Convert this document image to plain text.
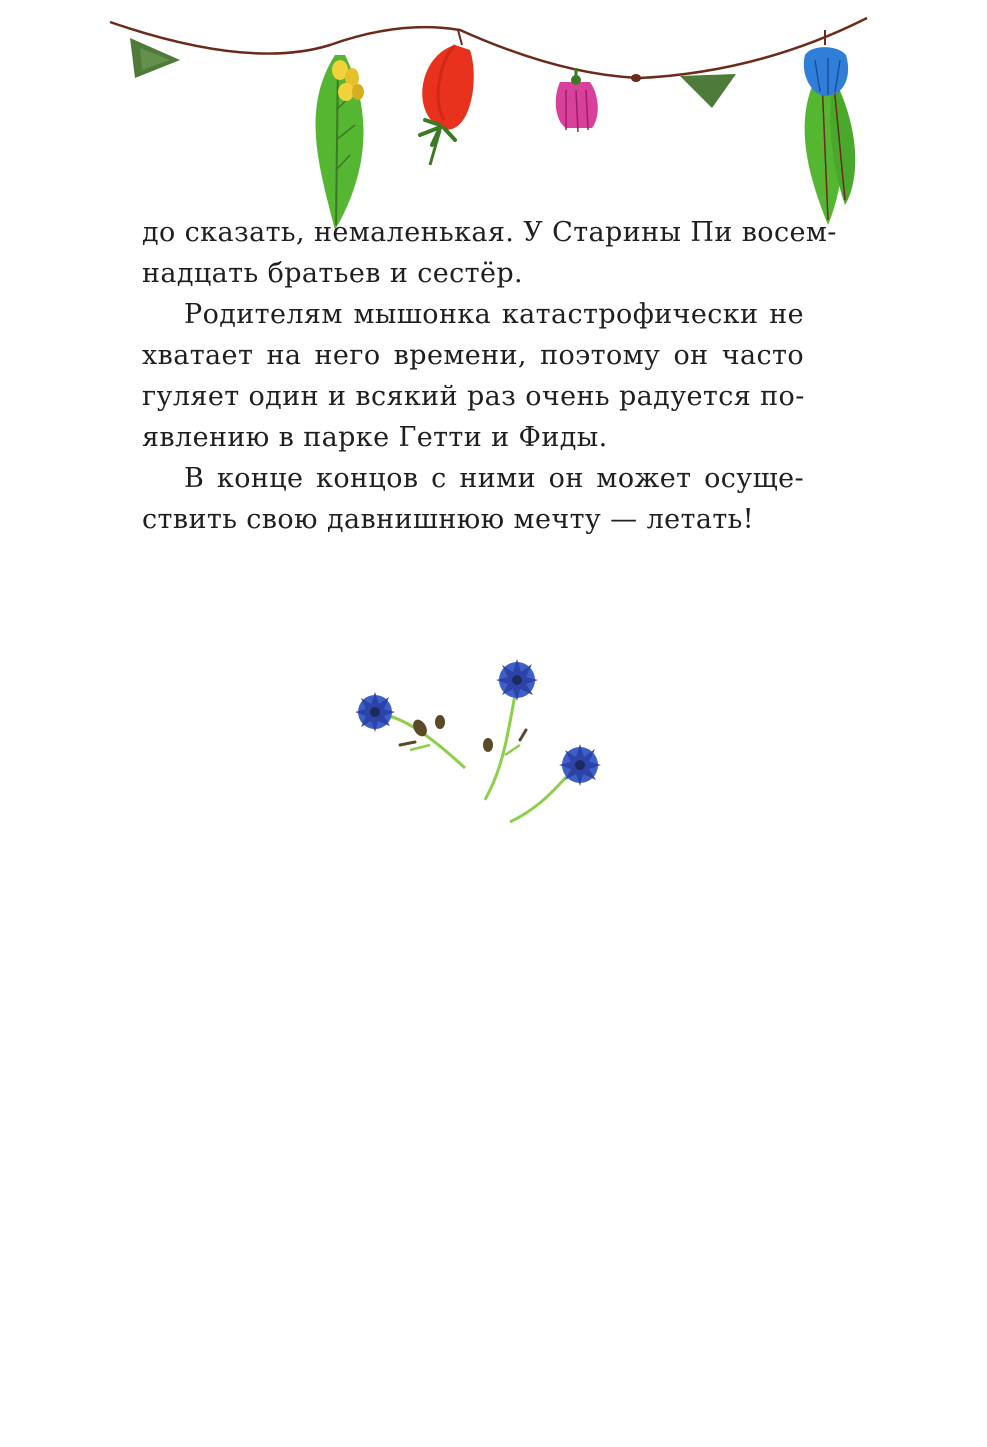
до сказать, немаленькая. У Старины Пи восем-
надцать братьев и сестёр.
Родителям мышонка катастрофически не
хватает на него времени, поэтому он часто
гуляет один и всякий раз очень радуется по-
явлению в парке Гетти и Фиды.
В конце концов с ними он может осуще-
ствить свою давнишнюю мечту — летать!
